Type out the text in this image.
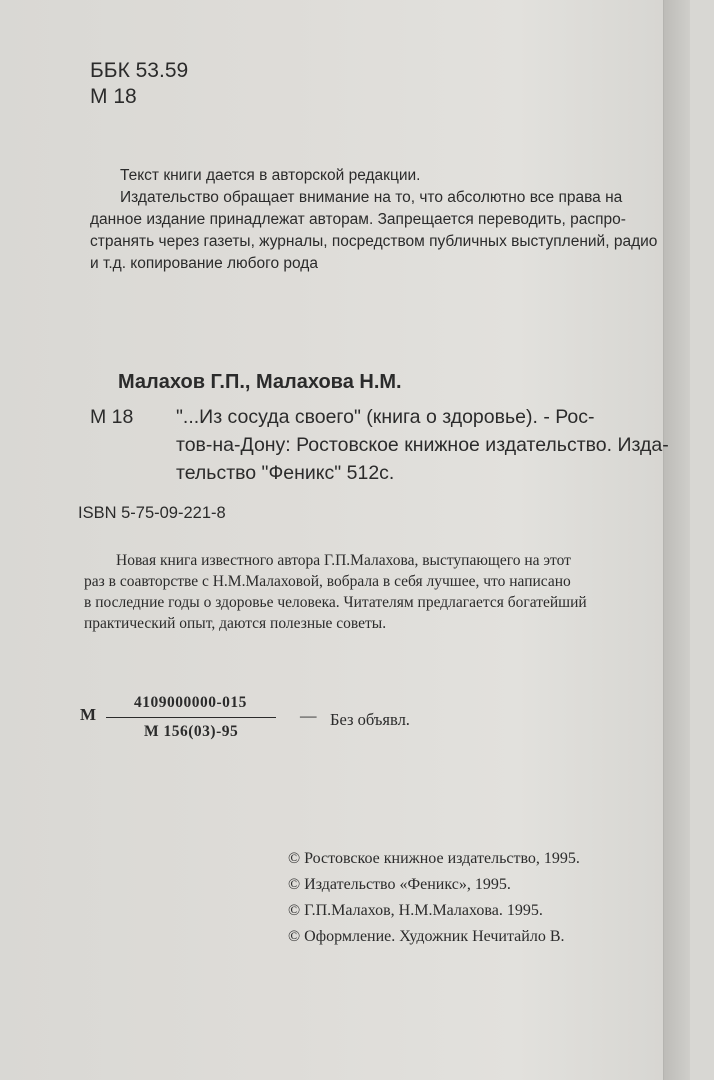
ББК 53.59
М 18

Текст книги дается в авторской редакции.

Издательство обращает внимание на то, что абсолютно все права на

данное издание принадлежат авторам. Запрещается переводить, распро-

странять через газеты, журналы, посредством публичных выступлений, радио

и т.д. копирование любого рода

Малахов Г.П., Малахова Н.М.

М 18 "...Из сосуда своего" (книга о здоровье). - Рос-

тов-на-Дону: Ростовское книжное издательство. Изда-

тельство "Феникс" 512с.

ISBN 5-75-09-221-8

Новая книга известного автора Г.П.Малахова, выступающего на этот

раз в соавторстве с Н.М.Малаховой, вобрала в себя лучшее, что написано

в последние годы о здоровье человека. Читателям предлагается богатейший

практический опыт, даются полезные советы.

М
4109000000-015
М 156(03)-95
— Без объявл.

© Ростовское книжное издательство, 1995.

© Издательство «Феникс», 1995.

© Г.П.Малахов, Н.М.Малахова. 1995.

© Оформление. Художник Нечитайло В.
